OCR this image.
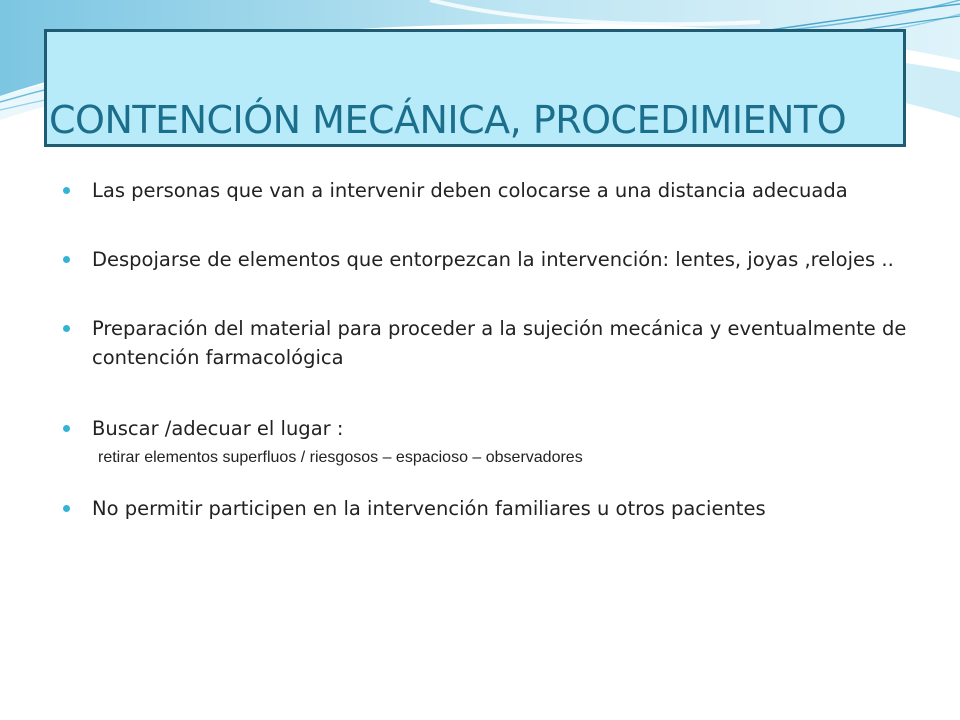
CONTENCIÓN MECÁNICA, PROCEDIMIENTO
Las personas que van a intervenir deben colocarse a una distancia adecuada
Despojarse de elementos que entorpezcan la intervención: lentes, joyas ,relojes ..
Preparación del material para proceder a la sujeción mecánica y eventualmente de contención farmacológica
Buscar /adecuar el lugar :
retirar elementos superfluos / riesgosos – espacioso – observadores
No permitir participen en la intervención familiares u otros pacientes
